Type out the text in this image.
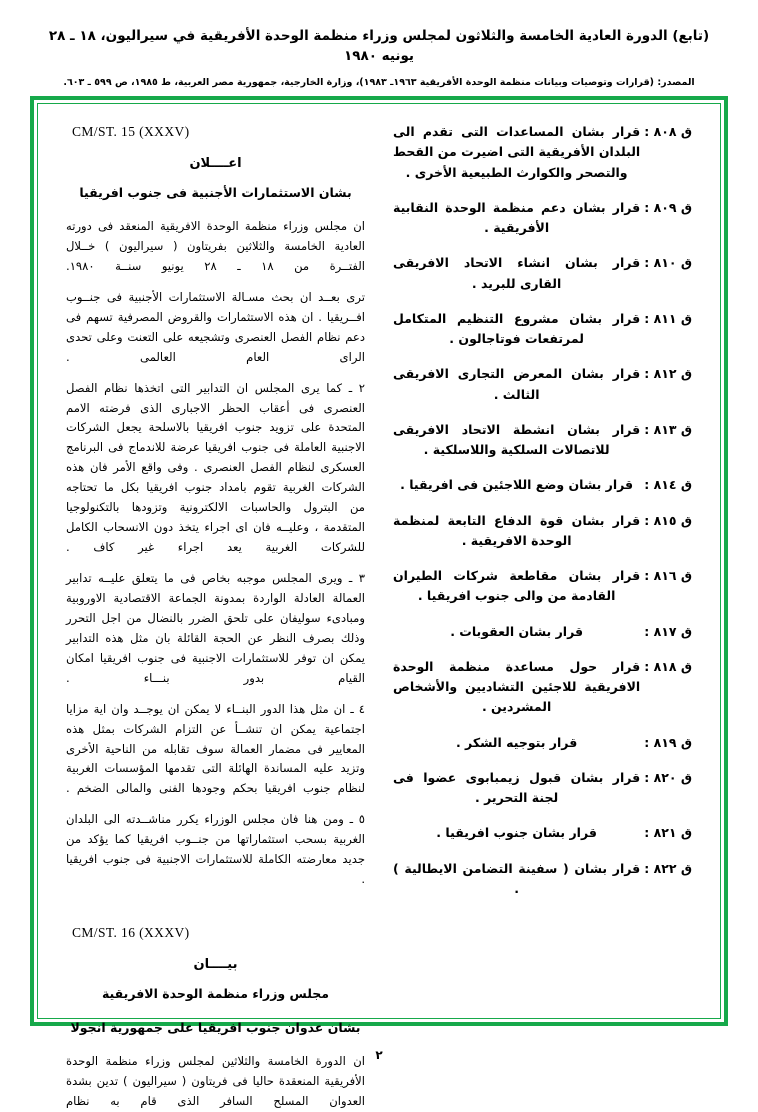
(تابع) الدورة العادية الخامسة والثلاثون لمجلس وزراء منظمة الوحدة الأفريقية في سيراليون، ١٨ ـ ٢٨ يونيه ١٩٨٠
المصدر: (قرارات وتوصيات وبيانات منظمة الوحدة الأفريقية ١٩٦٣ـ ١٩٨٣)، وزارة الخارجية، جمهورية مصر العربية، ط ١٩٨٥، ص ٥٩٩ ـ ٦٠٣.
ق ٨٠٨ :
قرار بشان المساعدات التى تقدم الى البلدان الأفريقية التى اضيرت من القحط والتصحر والكوارث الطبيعية الأخرى .
ق ٨٠٩ :
قرار بشان دعم منظمة الوحدة النقابية الأفريقية .
ق ٨١٠ :
قرار بشان انشاء الاتحاد الافريقى القارى للبريد .
ق ٨١١ :
قرار بشان مشروع التنظيم المتكامل لمرتفعات فوتاجالون .
ق ٨١٢ :
قرار بشان المعرض التجارى الافريقى الثالث .
ق ٨١٣ :
قرار بشان انشطة الاتحاد الافريقى للاتصالات السلكية واللاسلكية .
ق ٨١٤ :
قرار بشان وضع اللاجئين فى افريقيا .
ق ٨١٥ :
قرار بشان قوة الدفاع التابعة لمنظمة الوحدة الافريقية .
ق ٨١٦ :
قرار بشان مقاطعة شركات الطيران القادمة من والى جنوب افريقيا .
ق ٨١٧ :
قرار بشان العقوبات .
ق ٨١٨ :
قرار حول مساعدة منظمة الوحدة الافريقية للاجئين التشاديين والأشخاص المشردين .
ق ٨١٩ :
قرار بتوجيه الشكر .
ق ٨٢٠ :
قرار بشان قبول زيمبابوى عضوا فى لجنة التحرير .
ق ٨٢١ :
قرار بشان جنوب افريقيا .
ق ٨٢٢ :
قرار بشان ( سفينة التضامن الايطالية ) .
CM/ST. 15 (XXXV)
اعــــلان
بشان الاستثمارات الأجنبية فى جنوب افريقيا

ان مجلس وزراء منظمة الوحدة الافريقية المنعقد فى دورته العادية الخامسة والثلاثين بفريتاون ( سيراليون ) خــلال الفتــرة من ١٨ ـ ٢٨ يونيو سنــة ١٩٨٠.

ترى بعــد ان بحث مسـالة الاستثمارات الأجنبية فى جنــوب افــريقيا . ان هذه الاستثمارات والقروض المصرفية تسهم فى دعم نظام الفصل العنصرى وتشجيعه على التعنت وعلى تحدى الراى العام العالمى .

٢ ـ كما يرى المجلس ان التدابير التى اتخذها نظام الفصل العنصرى فى أعقاب الحظر الاجبارى الذى فرضته الامم المتحدة على تزويد جنوب افريقيا بالاسلحة يجعل الشركات الاجنبية العاملة فى جنوب افريقيا عرضة للاندماج فى البرنامج العسكرى لنظام الفصل العنصرى . وفى واقع الأمر فان هذه الشركات الغربية تقوم بامداد جنوب افريقيا بكل ما تحتاجه من البترول والحاسبات الالكترونية وتزودها بالتكنولوجيا المتقدمة ، وعليــه فان اى اجراء يتخذ دون الانسحاب الكامل للشركات الغربية يعد اجراء غير كاف .

٣ ـ ويرى المجلس موجبه بخاص فى ما يتعلق عليــه تدابير العمالة العادلة الواردة بمدونة الجماعة الاقتصادية الاوروبية ومبادىء سوليفان على تلحق الضرر بالنضال من اجل التحرر وذلك بصرف النظر عن الحجة القائلة بان مثل هذه التدابير يمكن ان توفر للاستثمارات الاجنبية فى جنوب افريقيا امكان القيام بدور بنـــاء .

٤ ـ ان مثل هذا الدور البنــاء لا يمكن ان يوجــد وان اية مزايا اجتماعية يمكن ان تنشــأ عن التزام الشركات بمثل هذه المعايير فى مضمار العمالة سوف تقابله من الناحية الأخرى وتزيد عليه المساندة الهائلة التى تقدمها المؤسسات الغربية لنظام جنوب افريقيا بحكم وجودها الفنى والمالى الضخم .

٥ ـ ومن هنا فان مجلس الوزراء يكرر مناشــدته الى البلدان الغربية بسحب استثماراتها من جنــوب افريقيا كما يؤكد من جديد معارضته الكاملة للاستثمارات الاجنبية فى جنوب افريقيا .

CM/ST. 16 (XXXV)
بيــــان
مجلس وزراء منظمة الوحدة الافريقية
بشان عدوان جنوب افريقيا على جمهورية انجولا

ان الدورة الخامسة والثلاثين لمجلس وزراء منظمة الوحدة الأفريقية المنعقدة حاليا فى فريتاون ( سيراليون ) تدين بشدة العدوان المسلح السافر الذى قام به نظام

٢
